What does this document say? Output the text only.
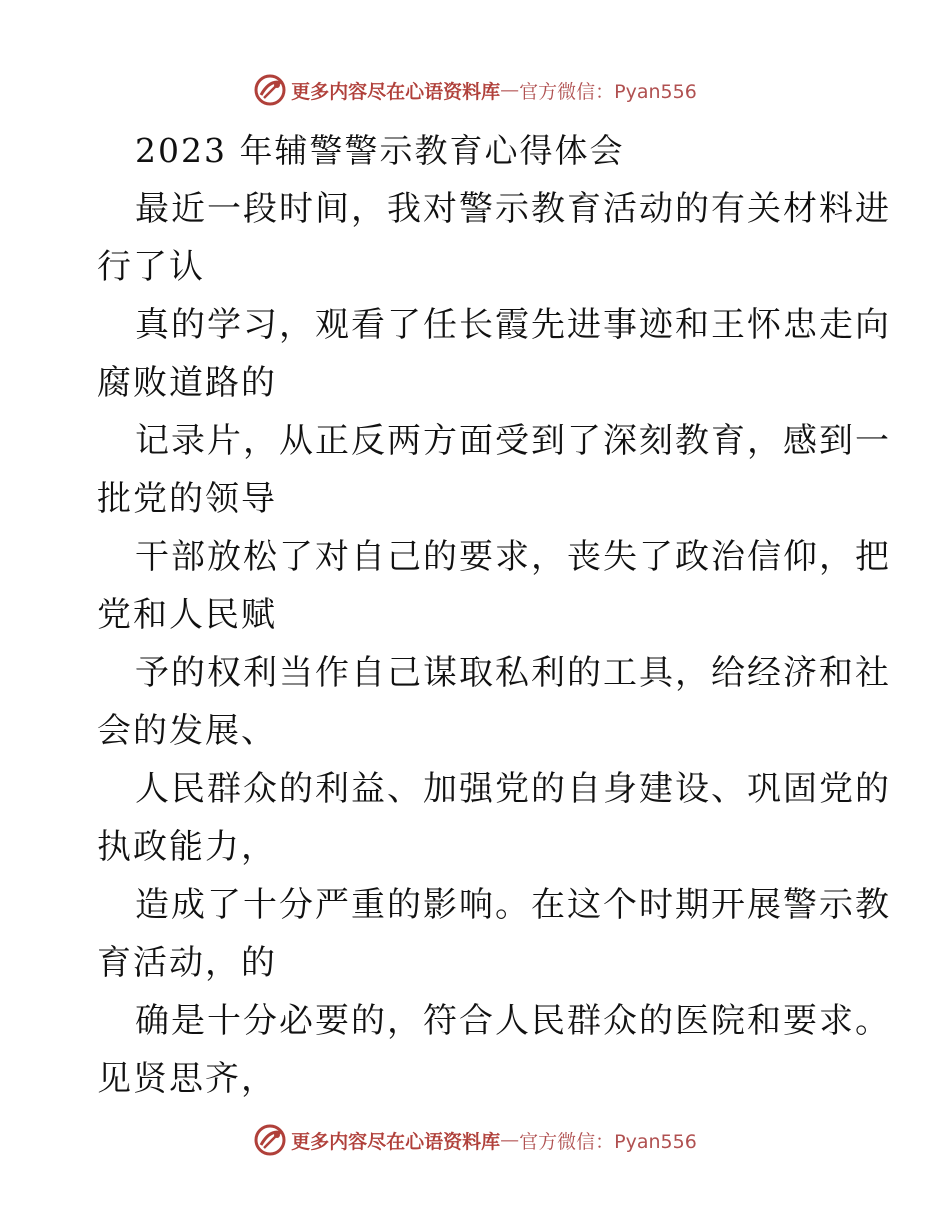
更多内容尽在心语资料库 — 官方微信：Pyan556
2023 年辅警警示教育心得体会
最近一段时间，我对警示教育活动的有关材料进
行了认
真的学习，观看了任长霞先进事迹和王怀忠走向
腐败道路的
记录片，从正反两方面受到了深刻教育，感到一
批党的领导
干部放松了对自己的要求，丧失了政治信仰，把
党和人民赋
予的权利当作自己谋取私利的工具，给经济和社
会的发展、
人民群众的利益、加强党的自身建设、巩固党的
执政能力，
造成了十分严重的影响。在这个时期开展警示教
育活动，的
确是十分必要的，符合人民群众的医院和要求。
见贤思齐，
更多内容尽在心语资料库 — 官方微信：Pyan556
